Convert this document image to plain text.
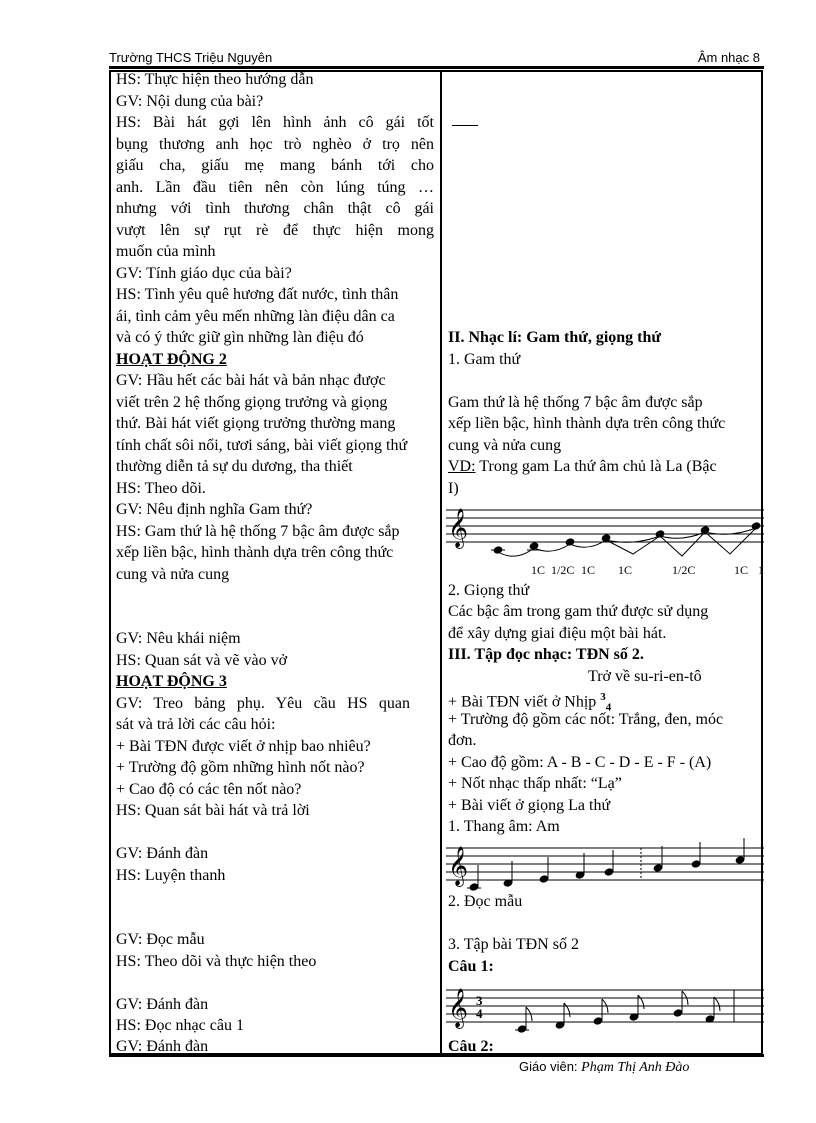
Trường THCS Triệu Nguyên	Âm nhạc 8
HS: Thực hiện theo hướng dẫn
GV: Nội dung của bài?
HS: Bài hát gợi lên hình ảnh cô gái tốt
bụng thương anh học trò nghèo ở trọ nên
giấu cha, giấu mẹ mang bánh tới cho
anh. Lần đầu tiên nên còn lúng túng …
nhưng với tình thương chân thật cô gái
vượt lên sự rụt rè để thực hiện mong
muốn của mình
GV: Tính giáo dục của bài?
HS: Tình yêu quê hương đất nước, tình thân
ái, tình cảm yêu mến những làn điệu dân ca
và có ý thức giữ gìn những làn điệu đó
HOẠT ĐỘNG 2
GV: Hầu hết các bài hát và bản nhạc được
viết trên 2 hệ thống giọng trưởng và giọng
thứ. Bài hát viết giọng trưởng thường mang
tính chất sôi nổi, tươi sáng, bài viết giọng thứ
thường diễn tả sự du dương, tha thiết
HS: Theo dõi.
GV: Nêu định nghĩa Gam thứ?
HS: Gam thứ là hệ thống 7 bậc âm được sắp
xếp liền bậc, hình thành dựa trên công thức
cung và nửa cung
GV: Nêu khái niệm
HS: Quan sát và vẽ vào vở
HOẠT ĐỘNG 3
GV: Treo bảng phụ. Yêu cầu HS quan
sát và trả lời các câu hỏi:
+ Bài TĐN được viết ở nhịp bao nhiêu?
+ Trường độ gồm những hình nốt nào?
+ Cao độ có các tên nốt nào?
HS: Quan sát bài hát và trả lời
GV: Đánh đàn
HS: Luyện thanh
GV: Đọc mẫu
HS: Theo dõi và thực hiện theo
GV: Đánh đàn
HS: Đọc nhạc câu 1
GV: Đánh đàn
II. Nhạc lí: Gam thứ, giọng thứ
1. Gam thứ
Gam thứ là hệ thống 7 bậc âm được sắp
xếp liền bậc, hình thành dựa trên công thức
cung và nửa cung
VD: Trong gam La thứ âm chủ là La (Bậc
I)
𝄞
1C 1/2C 1C 1C	1/2C	1C 1
2. Giọng thứ
Các bậc âm trong gam thứ được sử dụng
để xây dựng giai điệu một bài hát.
III. Tập đọc nhạc: TĐN số 2.
Trở về su-ri-en-tô
+ Bài TĐN viết ở Nhịp $^3_4$
+ Trường độ gồm các nốt: Trắng, đen, móc
đơn.
+ Cao độ gồm: A - B - C - D - E - F - (A)
+ Nốt nhạc thấp nhất: “Lạ”
+ Bài viết ở giọng La thứ
1. Thang âm: Am
𝄞
2. Đọc mẫu
3. Tập bài TĐN số 2
Câu 1:
𝄞 3
4
Câu 2:
Giáo viên: Phạm Thị Anh Đào
